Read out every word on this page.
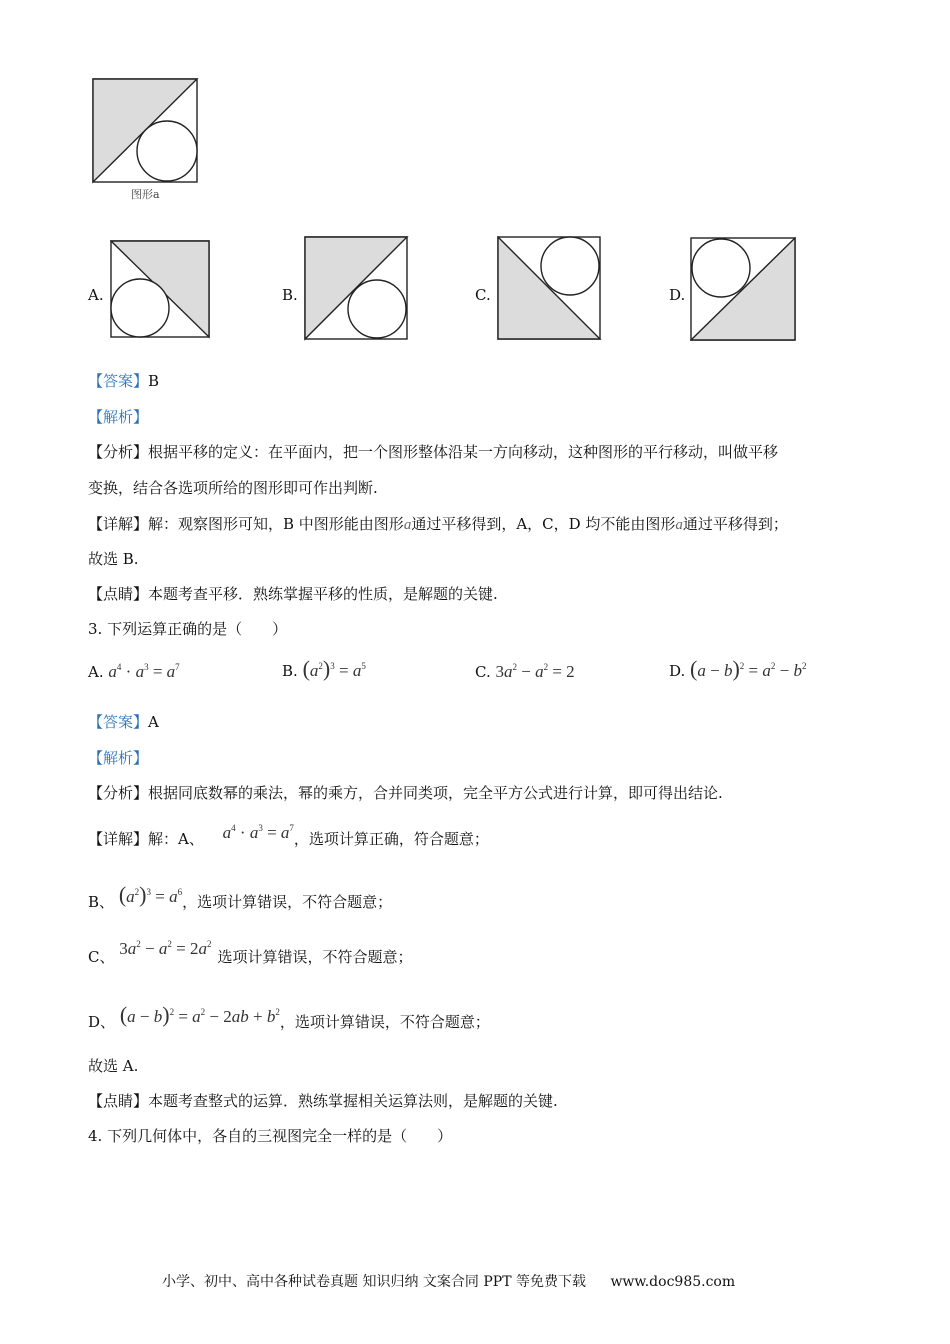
图形a
A.	B.	C.	D.
【答案】B
【解析】
【分析】根据平移的定义：在平面内，把一个图形整体沿某一方向移动，这种图形的平行移动，叫做平移
变换，结合各选项所给的图形即可作出判断.
【详解】解：观察图形可知，B 中图形能由图形a通过平移得到，A，C，D 均不能由图形a通过平移得到；
故选 B.
【点睛】本题考查平移．熟练掌握平移的性质，是解题的关键.
3. 下列运算正确的是（　　）
A. $a^4 \cdot a^3 = a^7$	B. $(a^2)^3 = a^5$	C. $3a^2 - a^2 = 2$	D. $(a - b)^2 = a^2 - b^2$
【答案】A
【解析】
【分析】根据同底数幂的乘法，幂的乘方，合并同类项，完全平方公式进行计算，即可得出结论.
【详解】解：A、 $a^4 \cdot a^3 = a^7$，选项计算正确，符合题意；
B、 $(a^2)^3 = a^6$，选项计算错误，不符合题意；
C、 $3a^2 - a^2 = 2a^2$选项计算错误，不符合题意；
D、 $(a - b)^2 = a^2 - 2ab + b^2$，选项计算错误，不符合题意；
故选 A.
【点睛】本题考查整式的运算．熟练掌握相关运算法则，是解题的关键.
4. 下列几何体中，各自的三视图完全一样的是（　　）
小学、初中、高中各种试卷真题 知识归纳 文案合同 PPT 等免费下载 www.doc985.com
